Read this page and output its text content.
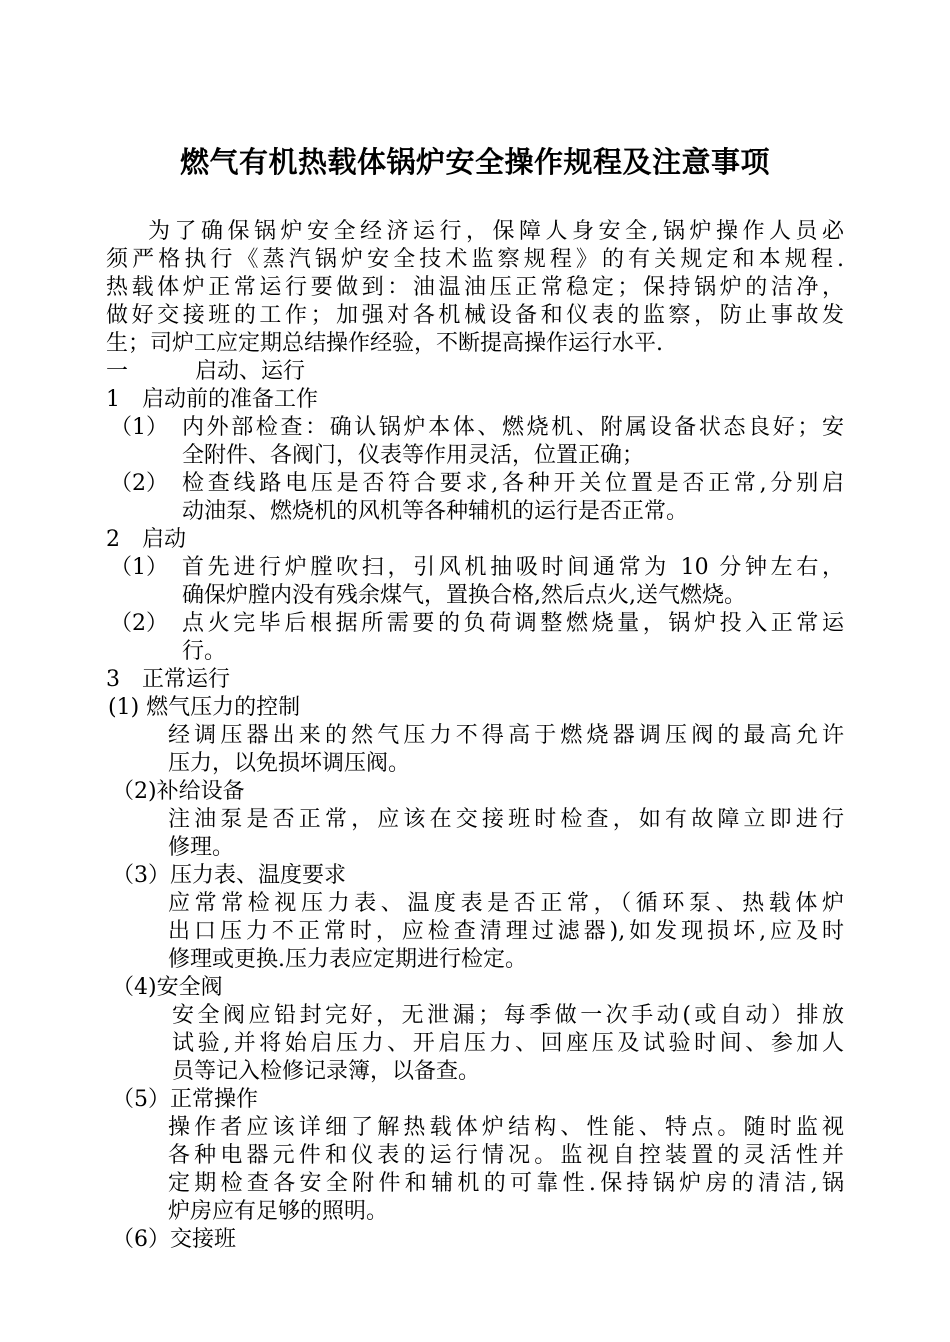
燃气有机热载体锅炉安全操作规程及注意事项

为了确保锅炉安全经济运行，保障人身安全,锅炉操作人员必

须严格执行《蒸汽锅炉安全技术监察规程》的有关规定和本规程.

热载体炉正常运行要做到：油温油压正常稳定；保持锅炉的洁净，

做好交接班的工作；加强对各机械设备和仪表的监察，防止事故发

生；司炉工应定期总结操作经验，不断提高操作运行水平.

一	启动、运行

1 启动前的准备工作

（1） 内外部检查：确认锅炉本体、燃烧机、附属设备状态良好；安

全附件、各阀门，仪表等作用灵活，位置正确；

（2） 检查线路电压是否符合要求,各种开关位置是否正常,分别启

动油泵、燃烧机的风机等各种辅机的运行是否正常。

2 启动

（1） 首先进行炉膛吹扫，引风机抽吸时间通常为 10 分钟左右，

确保炉膛内没有残余煤气，置换合格,然后点火,送气燃烧。

（2） 点火完毕后根据所需要的负荷调整燃烧量，锅炉投入正常运

行。

3 正常运行

(1) 燃气压力的控制

经调压器出来的然气压力不得高于燃烧器调压阀的最高允许

压力，以免损坏调压阀。

（2)补给设备

注油泵是否正常，应该在交接班时检查，如有故障立即进行

修理。

（3）压力表、温度要求

应常常检视压力表、温度表是否正常，（循环泵、热载体炉

出口压力不正常时，应检查清理过滤器),如发现损坏,应及时

修理或更换.压力表应定期进行检定。

（4)安全阀

安全阀应铅封完好，无泄漏；每季做一次手动(或自动）排放

试验,并将始启压力、开启压力、回座压及试验时间、参加人

员等记入检修记录簿，以备查。

（5）正常操作

操作者应该详细了解热载体炉结构、性能、特点。随时监视

各种电器元件和仪表的运行情况。监视自控装置的灵活性并

定期检查各安全附件和辅机的可靠性.保持锅炉房的清洁,锅

炉房应有足够的照明。

（6）交接班
